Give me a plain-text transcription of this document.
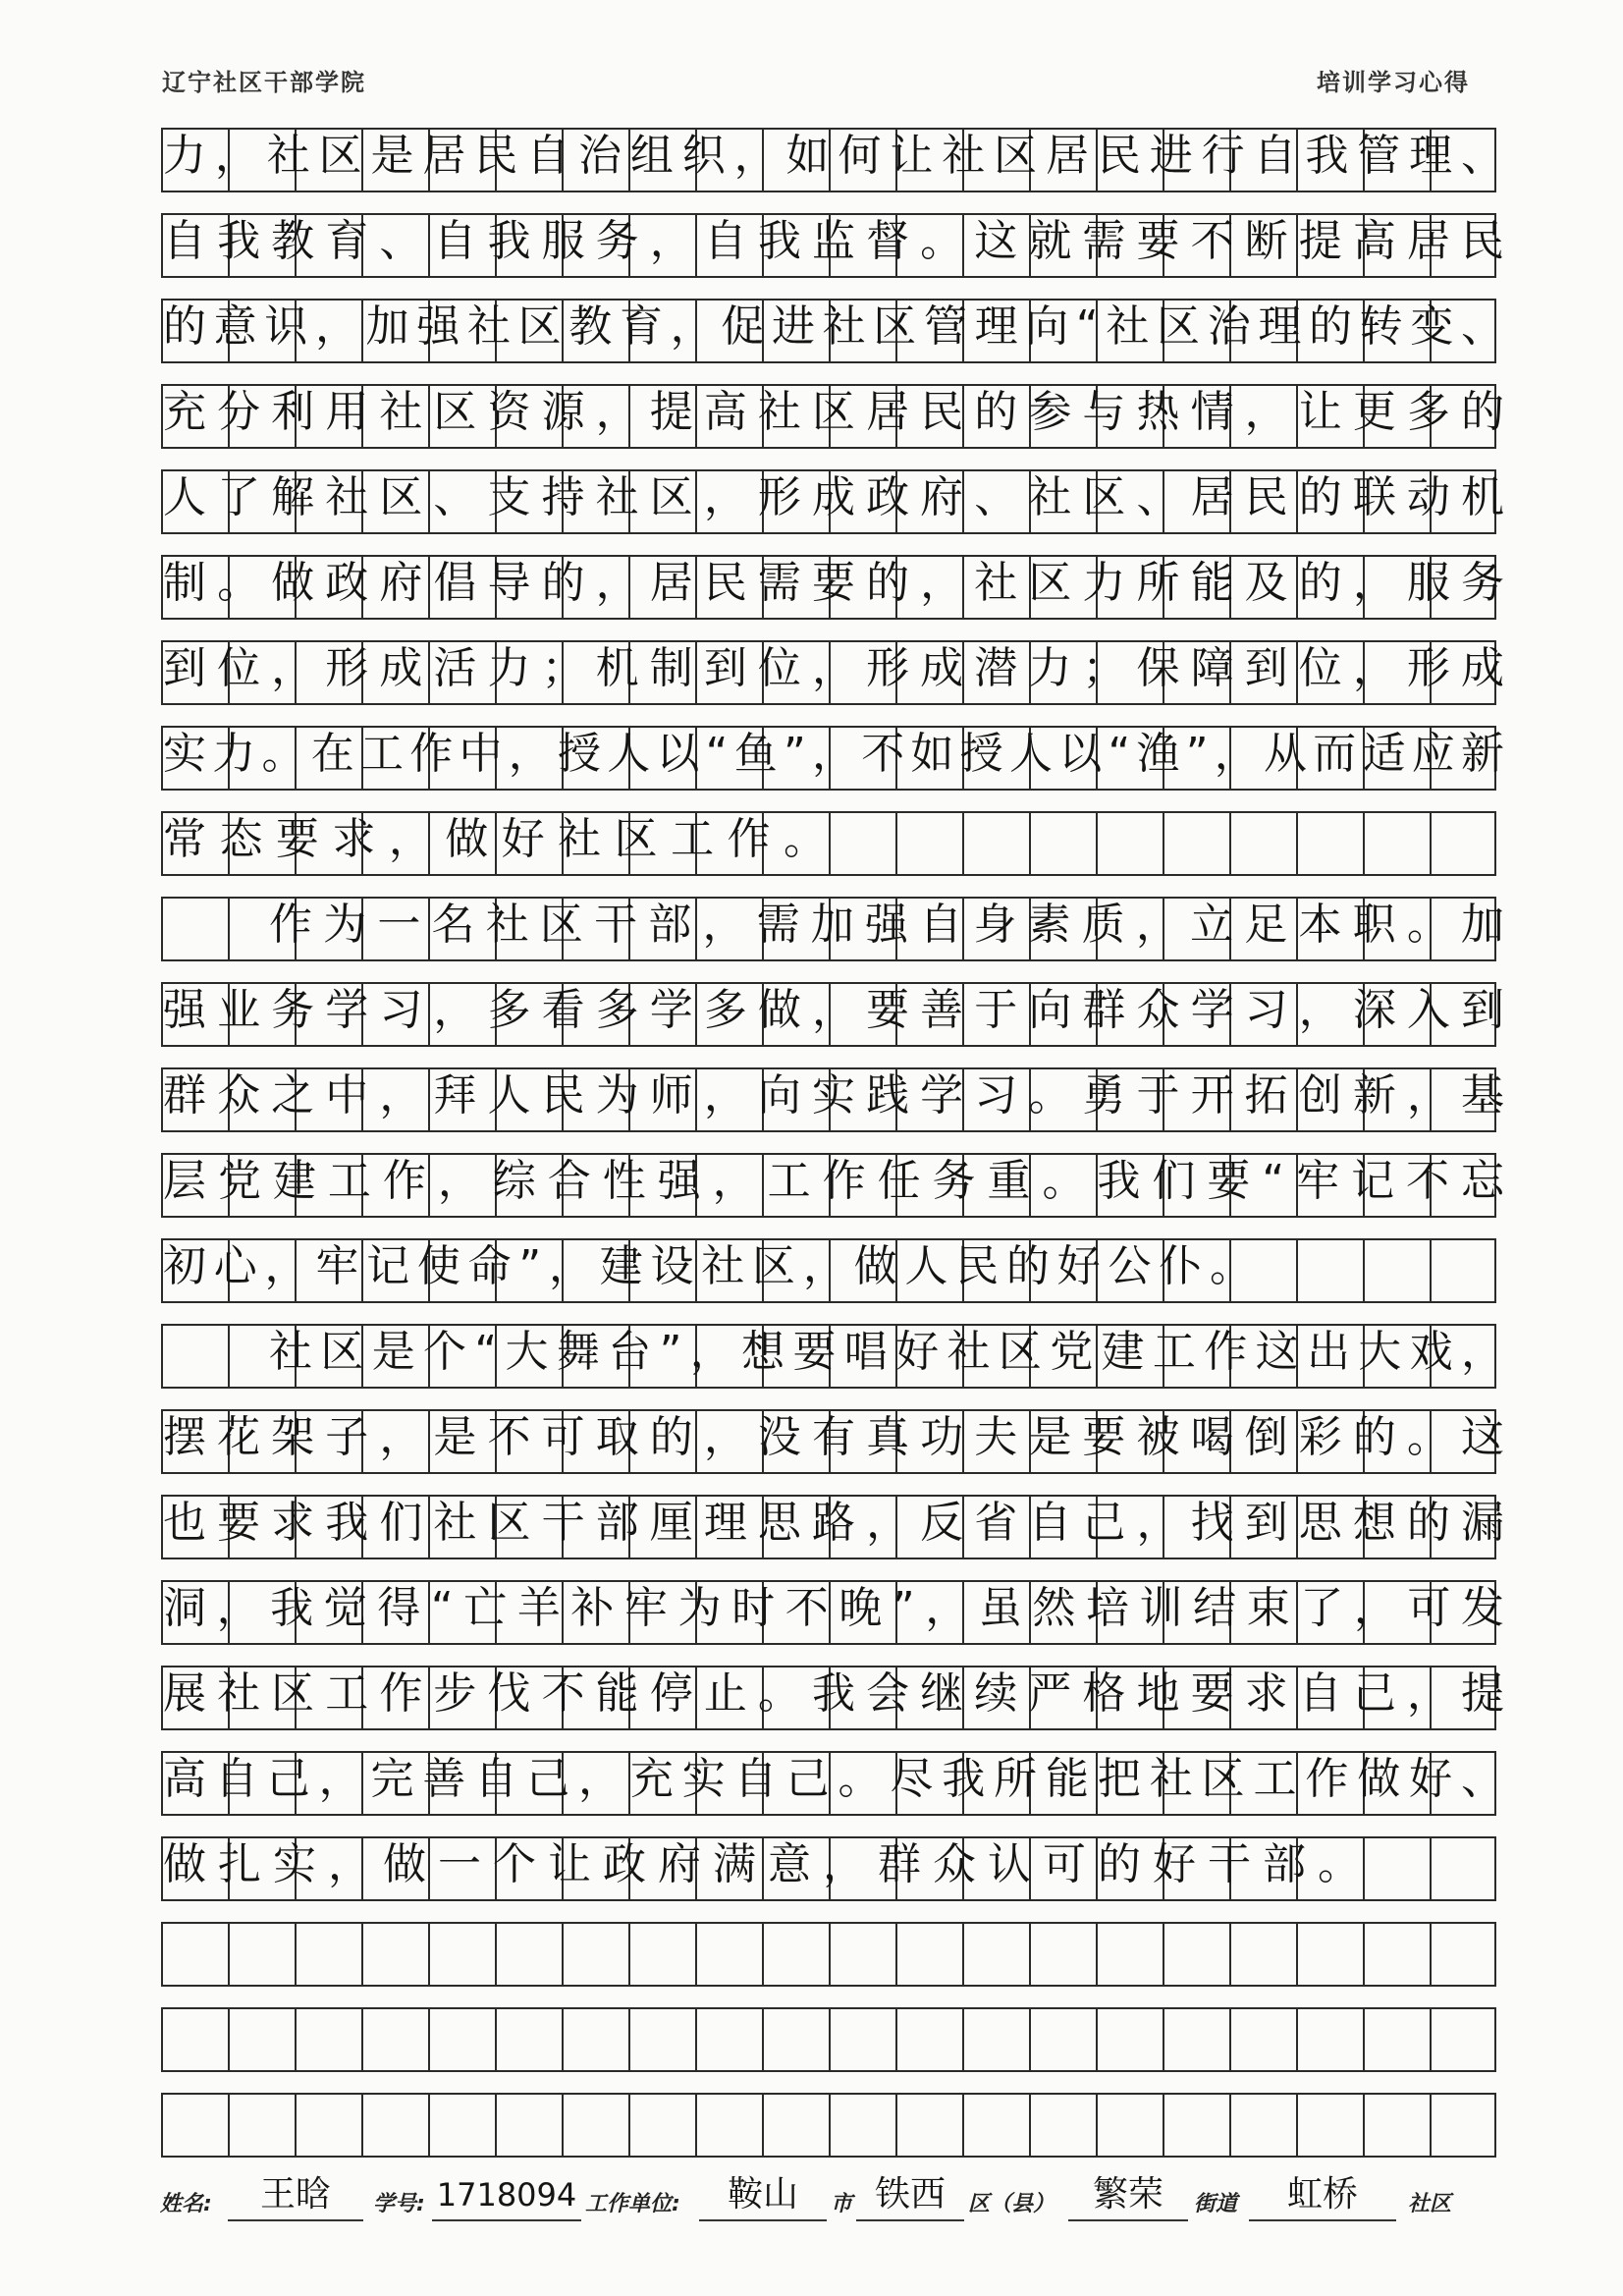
辽宁社区干部学院	培训学习心得
力，社区是居民自治组织，如何让社区居民进行自我管理、
自我教育、自我服务，自我监督。这就需要不断提高居民
的意识，加强社区教育，促进社区管理向“社区治理的转变、
充分利用社区资源，提高社区居民的参与热情，让更多的
人了解社区、支持社区，形成政府、社区、居民的联动机
制。做政府倡导的，居民需要的，社区力所能及的，服务
到位，形成活力；机制到位，形成潜力；保障到位，形成
实力。在工作中，授人以“鱼”，不如授人以“渔”，从而适应新
常态要求，做好社区工作。
作为一名社区干部，需加强自身素质，立足本职。加
强业务学习，多看多学多做，要善于向群众学习，深入到
群众之中，拜人民为师，向实践学习。勇于开拓创新，基
层党建工作，综合性强，工作任务重。我们要“牢记不忘
初心，牢记使命”，建设社区，做人民的好公仆。
社区是个“大舞台”，想要唱好社区党建工作这出大戏，
摆花架子，是不可取的，没有真功夫是要被喝倒彩的。这
也要求我们社区干部厘理思路，反省自己，找到思想的漏
洞，我觉得“亡羊补牢为时不晚”，虽然培训结束了，可发
展社区工作步伐不能停止。我会继续严格地要求自己，提
高自己，完善自己，充实自己。尽我所能把社区工作做好、
做扎实，做一个让政府满意，群众认可的好干部。
姓名:	王晗	学号: 1718094 工作单位:	鞍山	市 铁西	区（县）	繁荣	街道	虹桥	社区
